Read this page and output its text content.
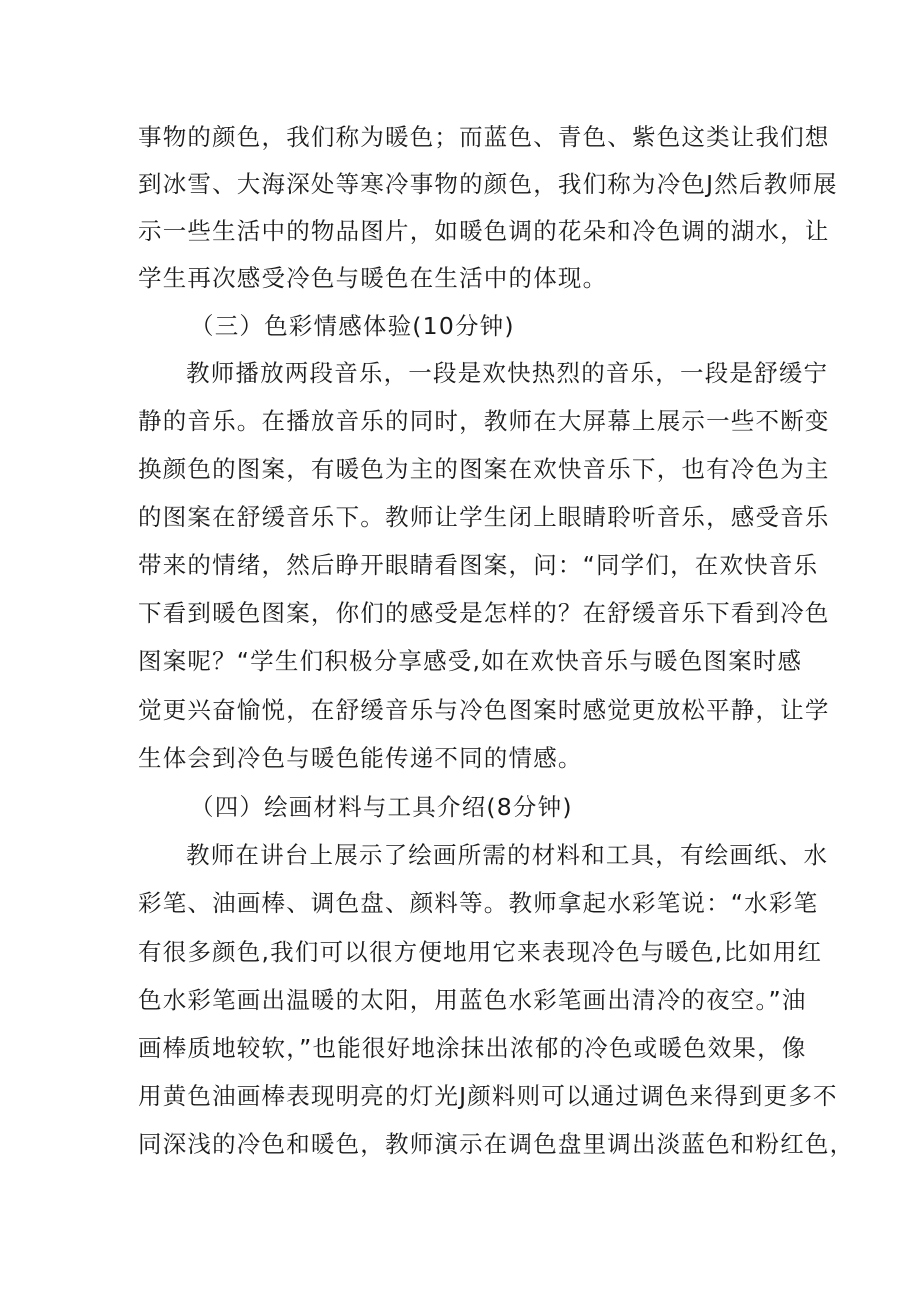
事物的颜色，我们称为暖色；而蓝色、青色、紫色这类让我们想
到冰雪、大海深处等寒冷事物的颜色，我们称为冷色J然后教师展
示一些生活中的物品图片，如暖色调的花朵和冷色调的湖水，让
学生再次感受冷色与暖色在生活中的体现。
（三）色彩情感体验(10分钟)
教师播放两段音乐，一段是欢快热烈的音乐，一段是舒缓宁
静的音乐。在播放音乐的同时，教师在大屏幕上展示一些不断变
换颜色的图案，有暖色为主的图案在欢快音乐下，也有冷色为主
的图案在舒缓音乐下。教师让学生闭上眼睛聆听音乐，感受音乐
带来的情绪，然后睁开眼睛看图案，问：“同学们，在欢快音乐
下看到暖色图案，你们的感受是怎样的？在舒缓音乐下看到冷色
图案呢？“学生们积极分享感受,如在欢快音乐与暖色图案时感
觉更兴奋愉悦，在舒缓音乐与冷色图案时感觉更放松平静，让学
生体会到冷色与暖色能传递不同的情感。
（四）绘画材料与工具介绍(8分钟)
教师在讲台上展示了绘画所需的材料和工具，有绘画纸、水
彩笔、油画棒、调色盘、颜料等。教师拿起水彩笔说：“水彩笔
有很多颜色,我们可以很方便地用它来表现冷色与暖色,比如用红
色水彩笔画出温暖的太阳，用蓝色水彩笔画出清冷的夜空。”油
画棒质地较软，”也能很好地涂抹出浓郁的冷色或暖色效果，像
用黄色油画棒表现明亮的灯光J颜料则可以通过调色来得到更多不
同深浅的冷色和暖色，教师演示在调色盘里调出淡蓝色和粉红色，
